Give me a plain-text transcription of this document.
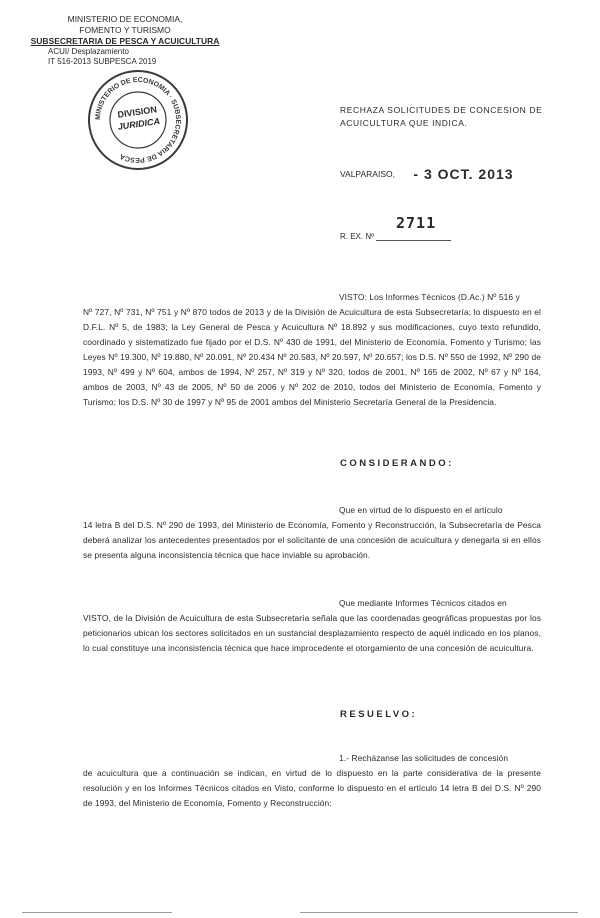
MINISTERIO DE ECONOMIA,
FOMENTO Y TURISMO
SUBSECRETARIA DE PESCA Y ACUICULTURA
ACUI/ Desplazamiento
IT 516-2013 SUBPESCA 2019
MINISTERIO DE ECONOMIA · SUBSECRETARIA DE PESCA
DIVISION
JURIDICA
RECHAZA SOLICITUDES DE CONCESION DE
ACUICULTURA QUE INDICA.
VALPARAISO, - 3 OCT. 2013
2711
R. EX. Nº
VISTO: Los Informes Técnicos (D.Ac.) Nº 516 y
Nº 727, Nº 731, Nº 751 y Nº 870 todos de 2013 y de la División de Acuicultura de esta Subsecretaría; lo dispuesto en el D.F.L. Nº 5, de 1983; la Ley General de Pesca y Acuicultura Nº 18.892 y sus modificaciones, cuyo texto refundido, coordinado y sistematizado fue fijado por el D.S. Nº 430 de 1991, del Ministerio de Economía, Fomento y Turismo; las Leyes Nº 19.300, Nº 19.880, Nº 20.091, Nº 20.434 Nº 20.583, Nº 20.597, Nº 20.657; los D.S. Nº 550 de 1992, Nº 290 de 1993, Nº 499 y Nº 604, ambos de 1994, Nº 257, Nº 319 y Nº 320, todos de 2001, Nº 165 de 2002, Nº 67 y Nº 164, ambos de 2003, Nº 43 de 2005, Nº 50 de 2006 y Nº 202 de 2010, todos del Ministerio de Economía, Fomento y Turismo; los D.S. Nº 30 de 1997 y Nº 95 de 2001 ambos del Ministerio Secretaría General de la Presidencia.
CONSIDERANDO:
Que en virtud de lo dispuesto en el artículo
14 letra B del D.S. Nº 290 de 1993, del Ministerio de Economía, Fomento y Reconstrucción, la Subsecretaría de Pesca deberá analizar los antecedentes presentados por el solicitante de una concesión de acuicultura y denegarla si en ellos se presenta alguna inconsistencia técnica que hace inviable su aprobación.
Que mediante Informes Técnicos citados en
VISTO, de la División de Acuicultura de esta Subsecretaría señala que las coordenadas geográficas propuestas por los peticionarios ubican los sectores solicitados en un sustancial desplazamiento respecto de aquél indicado en los planos, lo cual constituye una inconsistencia técnica que hace improcedente el otorgamiento de una concesión de acuicultura.
RESUELVO:
1.- Recházanse las solicitudes de concesión
de acuicultura que a continuación se indican, en virtud de lo dispuesto en la parte considerativa de la presente resolución y en los Informes Técnicos citados en Visto, conforme lo dispuesto en el artículo 14 letra B del D.S. Nº 290 de 1993, del Ministerio de Economía, Fomento y Reconstrucción:
